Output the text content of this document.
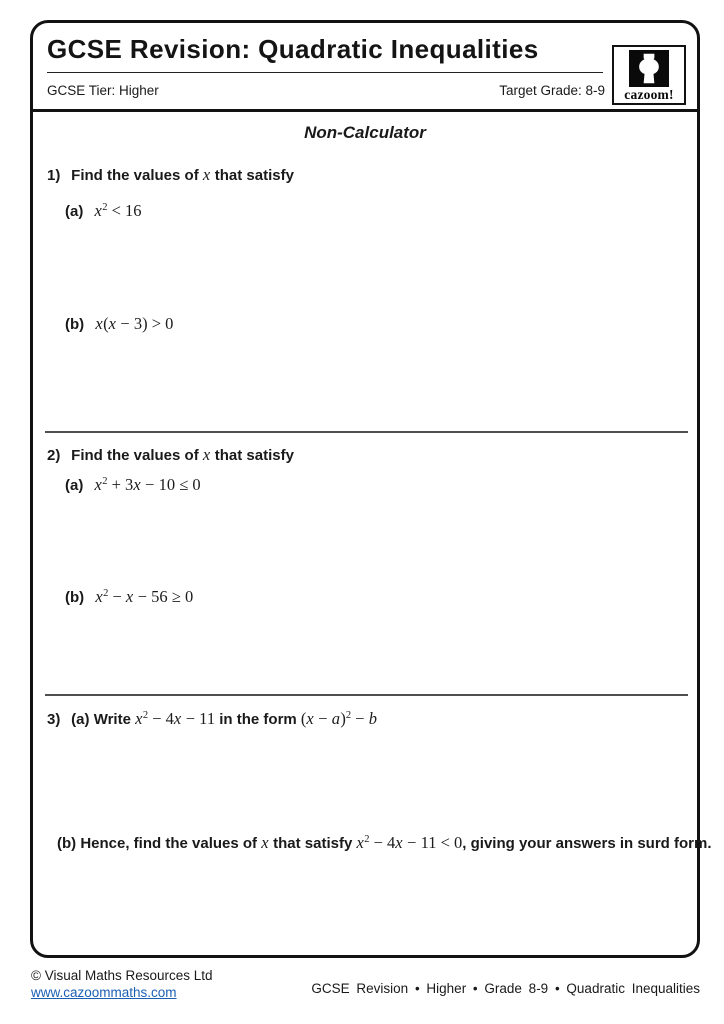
GCSE Revision: Quadratic Inequalities
GCSE Tier: Higher	Target Grade: 8-9	cazoom!
Non-Calculator
1) Find the values of x that satisfy
(a) $x^2 < 16$
(b) x(x − 3) > 0
2) Find the values of x that satisfy
(a) $x^2 + 3x - 10 \le 0$
(b) $x^2 - x - 56 \ge 0$
3) (a) Write $x^2 - 4x - 11$ in the form $(x - a)^2 - b$
(b) Hence, find the values of x that satisfy $x^2 - 4x - 11 < 0$, giving your answers in surd form.
© Visual Maths Resources Ltd
www.cazoommaths.com	GCSE Revision • Higher • Grade 8-9 • Quadratic Inequalities
